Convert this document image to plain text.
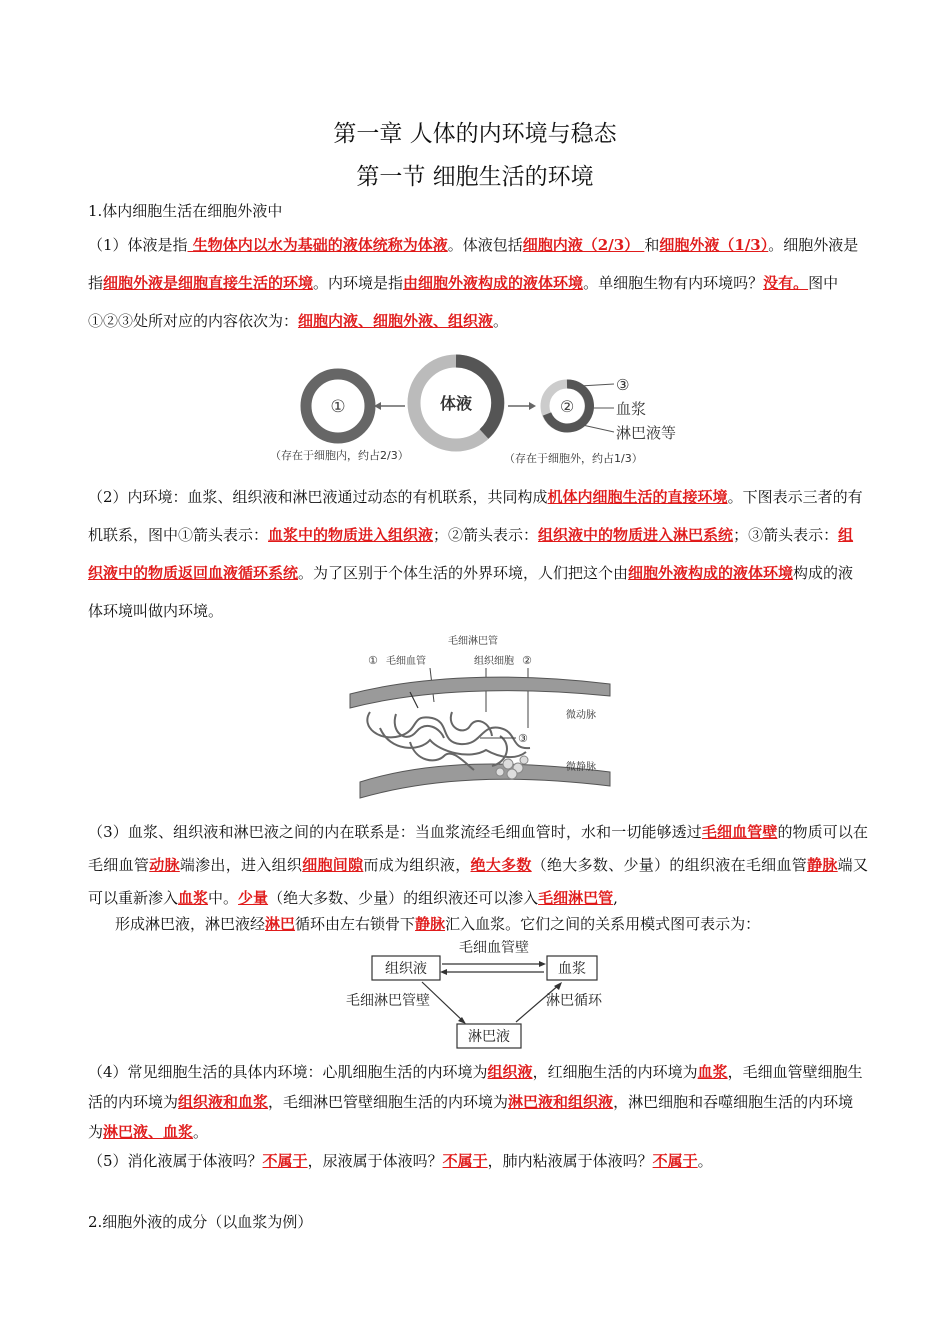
第一章 人体的内环境与稳态
第一节 细胞生活的环境
1.体内细胞生活在细胞外液中
（1）体液是指 生物体内以水为基础的液体统称为体液。体液包括细胞内液（2/3） 和细胞外液（1/3）。细胞外液是指细胞外液是细胞直接生活的环境。内环境是指由细胞外液构成的液体环境。单细胞生物有内环境吗？没有。图中①②③处所对应的内容依次为：细胞内液、细胞外液、组织液。
①	体液	②
③
血浆
淋巴液等
（存在于细胞内，约占2/3）	（存在于细胞外，约占1/3）
（2）内环境：血浆、组织液和淋巴液通过动态的有机联系，共同构成机体内细胞生活的直接环境。下图表示三者的有机联系，图中①箭头表示：血浆中的物质进入组织液；②箭头表示：组织液中的物质进入淋巴系统；③箭头表示：组织液中的物质返回血液循环系统。为了区别于个体生活的外界环境，人们把这个由细胞外液构成的液体环境构成的液体环境叫做内环境。
毛细淋巴管
① 毛细血管	组织细胞 ②
微动脉
微静脉
③
（3）血浆、组织液和淋巴液之间的内在联系是：当血浆流经毛细血管时，水和一切能够透过毛细血管壁的物质可以在毛细血管动脉端渗出，进入组织细胞间隙而成为组织液，绝大多数（绝大多数、少量）的组织液在毛细血管静脉端又可以重新渗入血浆中。少量（绝大多数、少量）的组织液还可以渗入毛细淋巴管,
形成淋巴液，淋巴液经淋巴循环由左右锁骨下静脉汇入血浆。它们之间的关系用模式图可表示为：
组织液	血浆
淋巴液
毛细血管壁
毛细淋巴管壁	淋巴循环
（4）常见细胞生活的具体内环境：心肌细胞生活的内环境为组织液，红细胞生活的内环境为血浆，毛细血管壁细胞生活的内环境为组织液和血浆，毛细淋巴管壁细胞生活的内环境为淋巴液和组织液，淋巴细胞和吞噬细胞生活的内环境为淋巴液、血浆。
（5）消化液属于体液吗？不属于，尿液属于体液吗？不属于，肺内粘液属于体液吗？不属于。
2.细胞外液的成分（以血浆为例）
